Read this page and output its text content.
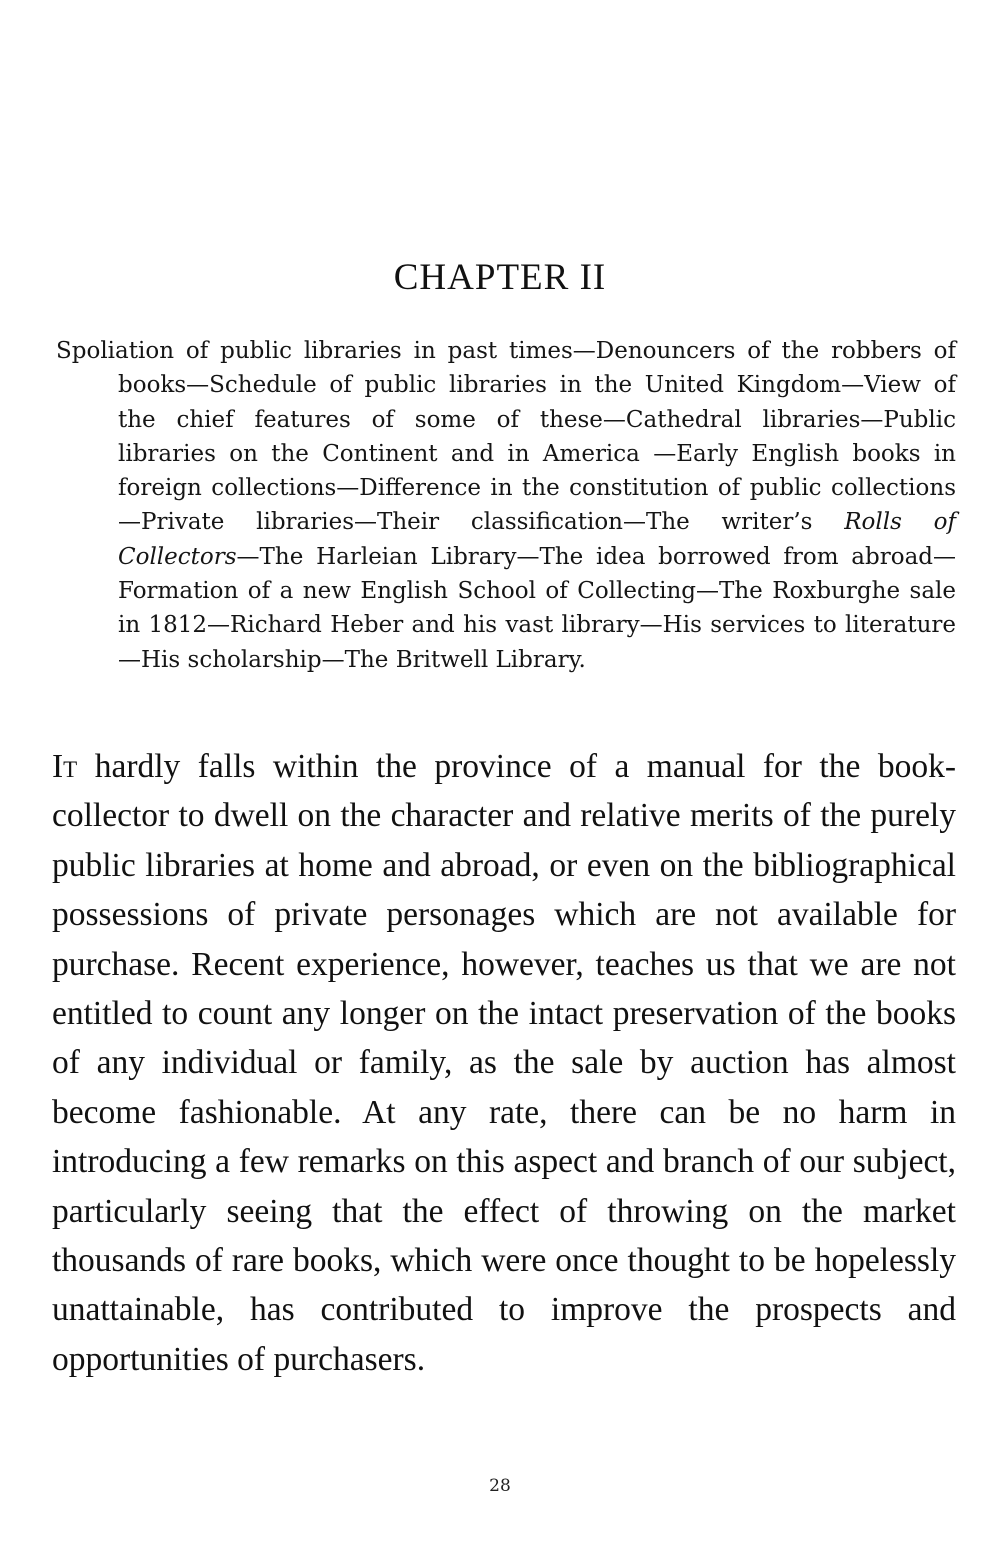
CHAPTER II
Spoliation of public libraries in past times—Denouncers of the robbers of books—Schedule of public libraries in the United Kingdom—View of the chief features of some of these—Cathedral libraries—Public libraries on the Continent and in America —Early English books in foreign collections—Difference in the constitution of public collections—Private libraries—Their classification—The writer’s Rolls of Collectors—The Harleian Library—The idea borrowed from abroad—Formation of a new English School of Collecting—The Roxburghe sale in 1812—Richard Heber and his vast library—His services to literature —His scholarship—The Britwell Library.
It hardly falls within the province of a manual for the book-collector to dwell on the character and relative merits of the purely public libraries at home and abroad, or even on the bibliographical possessions of private personages which are not available for purchase. Recent experience, however, teaches us that we are not entitled to count any longer on the intact preservation of the books of any individual or family, as the sale by auction has almost become fashionable. At any rate, there can be no harm in introducing a few remarks on this aspect and branch of our subject, particularly seeing that the effect of throwing on the market thousands of rare books, which were once thought to be hopelessly unattainable, has contributed to improve the prospects and opportunities of purchasers.
28
